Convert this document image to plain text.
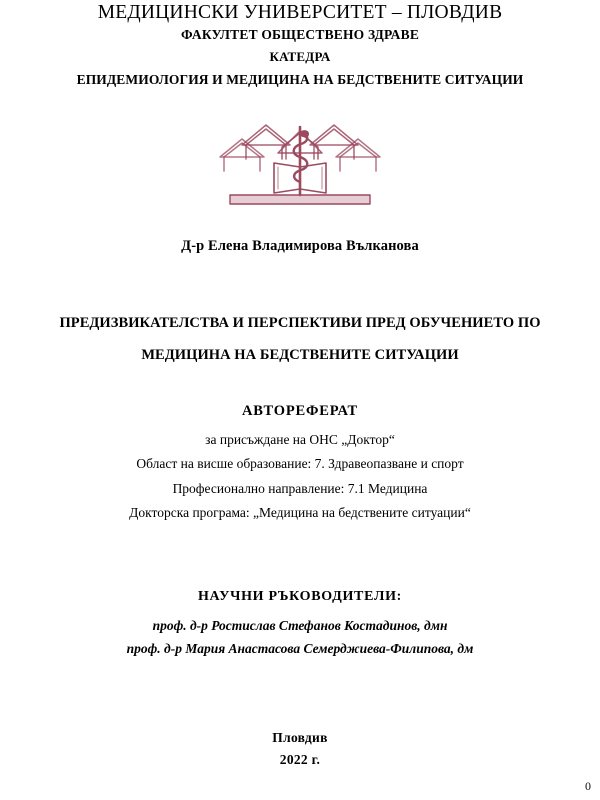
МЕДИЦИНСКИ УНИВЕРСИТЕТ – ПЛОВДИВ
ФАКУЛТЕТ ОБЩЕСТВЕНО ЗДРАВЕ
КАТЕДРА
ЕПИДЕМИОЛОГИЯ И МЕДИЦИНА НА БЕДСТВЕНИТЕ СИТУАЦИИ
Д-р Елена Владимирова Вълканова
ПРЕДИЗВИКАТЕЛСТВА И ПЕРСПЕКТИВИ ПРЕД ОБУЧЕНИЕТО ПО
МЕДИЦИНА НА БЕДСТВЕНИТЕ СИТУАЦИИ
АВТОРЕФЕРАТ
за присъждане на ОНС „Доктор“
Област на висше образование: 7. Здравеопазване и спорт
Професионално направление: 7.1 Медицина
Докторска програма: „Медицина на бедствените ситуации“
НАУЧНИ РЪКОВОДИТЕЛИ:
проф. д-р Ростислав Стефанов Костадинов, дмн
проф. д-р Мария Анастасова Семерджиева-Филипова, дм
Пловдив
2022 г.
0
